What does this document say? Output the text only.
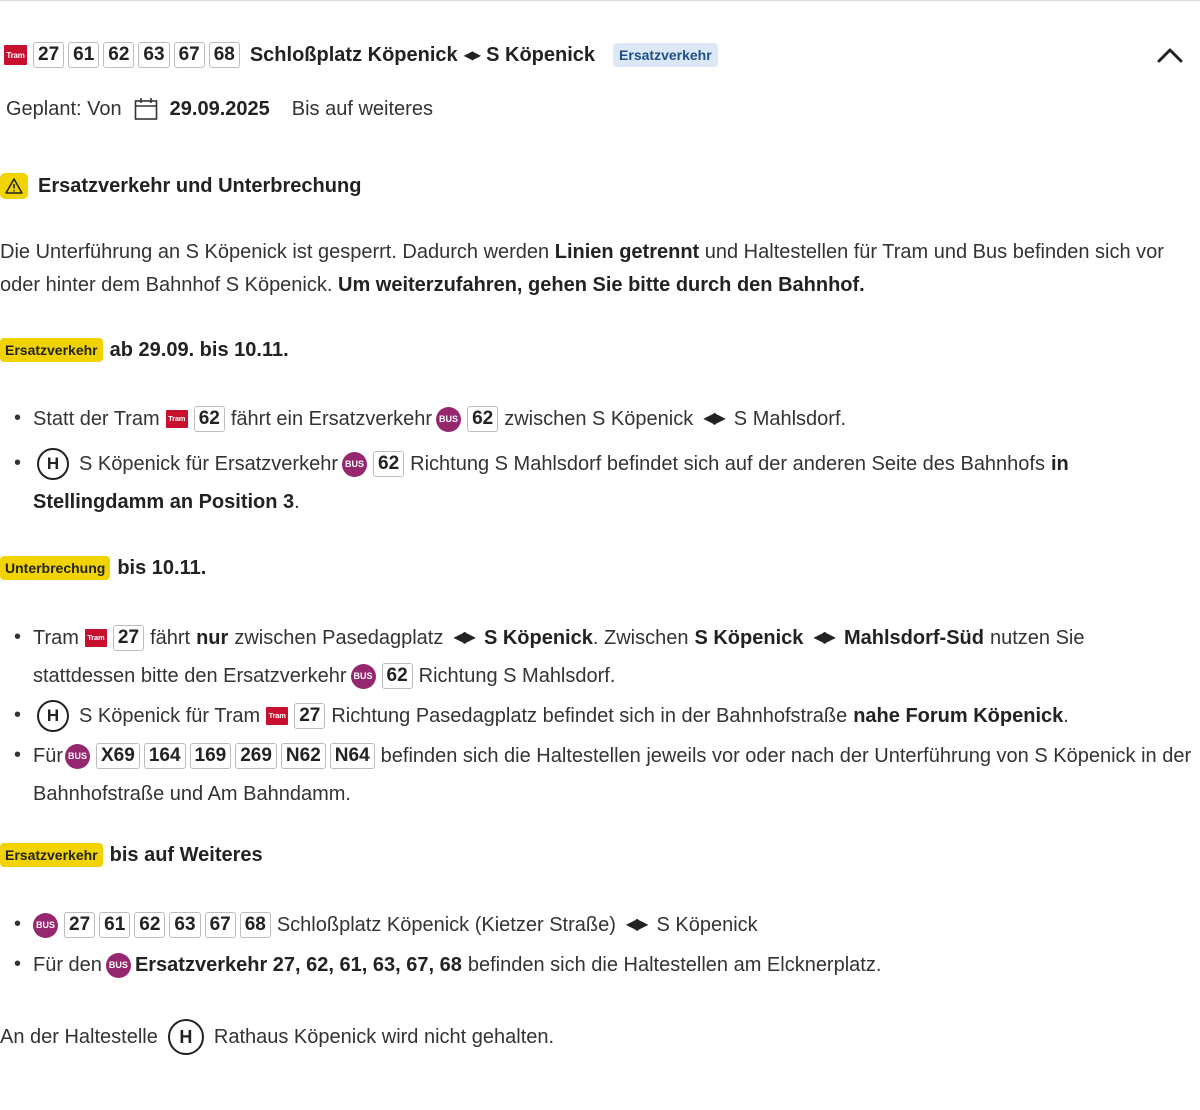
Tram 27 61 62 63 67 68 Schloßplatz Köpenick ◀▶ S Köpenick	Ersatzverkehr
Geplant: Von 29.09.2025 Bis auf weiteres
Ersatzverkehr und Unterbrechung
Die Unterführung an S Köpenick ist gesperrt. Dadurch werden Linien getrennt und Haltestellen für Tram und Bus befinden sich vor
oder hinter dem Bahnhof S Köpenick. Um weiterzufahren, gehen Sie bitte durch den Bahnhof.
Ersatzverkehr ab 29.09. bis 10.11.
• Statt der Tram	Tram 62 fährt ein Ersatzverkehr BUS 62 zwischen S Köpenick ◀▶ S Mahlsdorf.
•	H S Köpenick für Ersatzverkehr BUS 62 Richtung S Mahlsdorf befindet sich auf der anderen Seite des Bahnhofs in
Stellingdamm an Position 3.
Unterbrechung bis 10.11.
• Tram	Tram 27 fährt nur zwischen Pasedagplatz ◀▶ S Köpenick . Zwischen S Köpenick ◀▶ Mahlsdorf-Süd nutzen Sie
stattdessen bitte den Ersatzverkehr BUS 62 Richtung S Mahlsdorf.
•	H S Köpenick für Tram	Tram 27 Richtung Pasedagplatz befindet sich in der Bahnhofstraße nahe Forum Köpenick .
• Für BUS X69 164 169 269 N62 N64 befinden sich die Haltestellen jeweils vor oder nach der Unterführung von S Köpenick in der
Bahnhofstraße und Am Bahndamm.
Ersatzverkehr bis auf Weiteres
•	BUS 27 61 62 63 67 68 Schloßplatz Köpenick (Kietzer Straße) ◀▶ S Köpenick
• Für den BUS Ersatzverkehr 27, 62, 61, 63, 67, 68 befinden sich die Haltestellen am Elcknerplatz.
An der Haltestelle	H	Rathaus Köpenick wird nicht gehalten.
